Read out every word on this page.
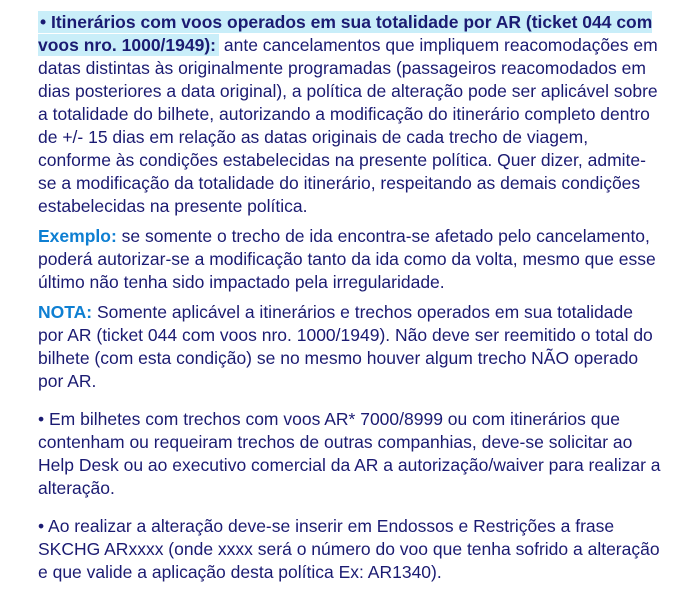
• Itinerários com voos operados em sua totalidade por AR (ticket 044 com voos nro. 1000/1949): ante cancelamentos que impliquem reacomodações em datas distintas às originalmente programadas (passageiros reacomodados em dias posteriores a data original), a política de alteração pode ser aplicável sobre a totalidade do bilhete, autorizando a modificação do itinerário completo dentro de +/- 15 dias em relação as datas originais de cada trecho de viagem, conforme às condições estabelecidas na presente política. Quer dizer, admite-se a modificação da totalidade do itinerário, respeitando as demais condições estabelecidas na presente política.

Exemplo: se somente o trecho de ida encontra-se afetado pelo cancelamento, poderá autorizar-se a modificação tanto da ida como da volta, mesmo que esse último não tenha sido impactado pela irregularidade.

NOTA: Somente aplicável a itinerários e trechos operados em sua totalidade por AR (ticket 044 com voos nro. 1000/1949). Não deve ser reemitido o total do bilhete (com esta condição) se no mesmo houver algum trecho NÃO operado por AR.

• Em bilhetes com trechos com voos AR* 7000/8999 ou com itinerários que contenham ou requeiram trechos de outras companhias, deve-se solicitar ao Help Desk ou ao executivo comercial da AR a autorização/waiver para realizar a alteração.

• Ao realizar a alteração deve-se inserir em Endossos e Restrições a frase SKCHG ARxxxx (onde xxxx será o número do voo que tenha sofrido a alteração e que valide a aplicação desta política Ex: AR1340).
